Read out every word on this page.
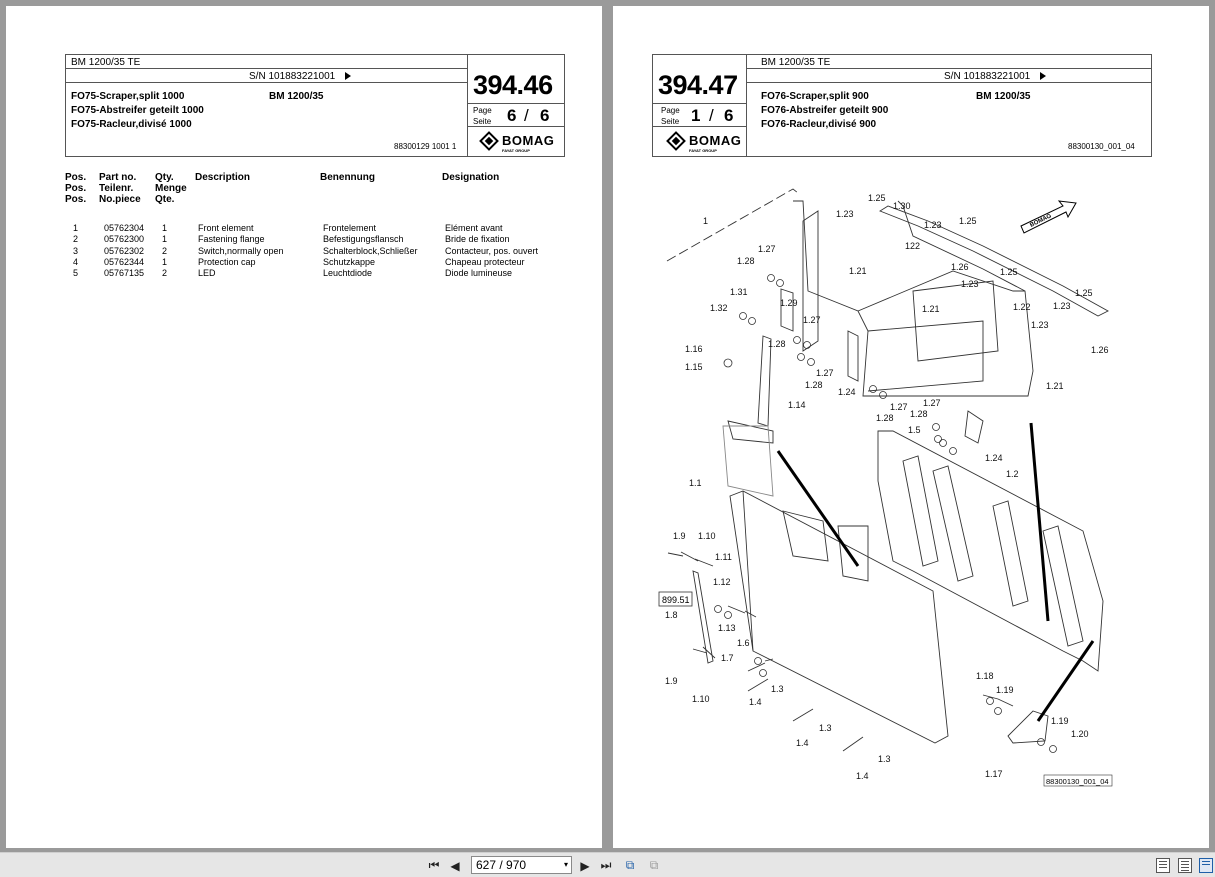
BM 1200/35 TE
S/N 101883221001
FO75-Scraper,split 1000
FO75-Abstreifer geteilt 1000
FO75-Racleur,divisé 1000
BM 1200/35
88300129 1001 1
394.46
Page
Seite 6 / 6
BOMAG
FAYAT GROUP
Pos. Part no. Qty. Description	Benennung	Designation
Pos. Teilenr. Menge
Pos. No.piece Qte.
1	05762304 1	Front element	Frontelement	Elément avant
2	05762300 1	Fastening flange	Befestigungsflansch	Bride de fixation
3	05762302 2	Switch,normally open	Schalterblock,Schließer	Contacteur, pos. ouvert
4	05762344 1	Protection cap	Schutzkappe	Chapeau protecteur
5	05767135 2	LED	Leuchtdiode	Diode lumineuse
BM 1200/35 TE
S/N 101883221001
FO76-Scraper,split 900
FO76-Abstreifer geteilt 900
FO76-Racleur,divisé 900
BM 1200/35
88300130_001_04
394.47
Page
Seite 1 / 6
BOMAG
FAYAT GROUP
BOMAG
899.51
88300130_001_04
1
1.1
1.2
1.3
1.3
1.3
1.4
1.4
1.4
1.5
1.6
1.7
1.8
1.9
1.9
1.10
1.10
1.11
1.12
1.13
1.14
1.15
1.16
1.17
1.18
1.19
1.19
1.20
1.21
1.21
1.21
1.22
1.23
1.23
1.23
1.23
1.23
1.24
1.24
1.25
1.25
1.25
1.25
1.26
1.26
1.27
1.27
1.27
1.27 1.27
1.28
1.28
1.28
1.28 1.28
1.29
1.30
1.31
1.32
122
⏮ ◀	627 / 970	▾ ▶ ⏭	⧉	⧉
